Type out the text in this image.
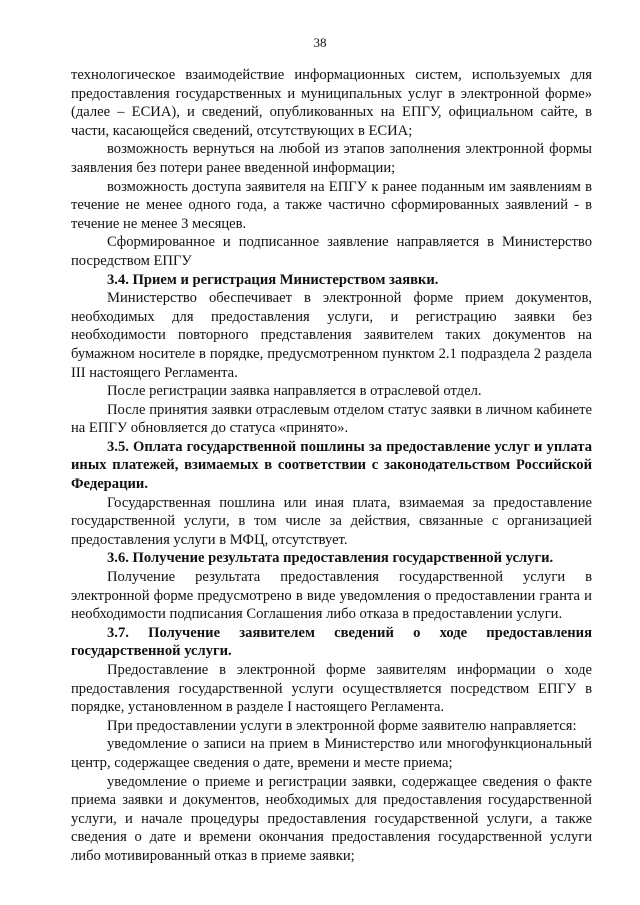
38

технологическое взаимодействие информационных систем, используемых для предоставления государственных и муниципальных услуг в электронной форме» (далее – ЕСИА), и сведений, опубликованных на ЕПГУ, официальном сайте, в части, касающейся сведений, отсутствующих в ЕСИА;

возможность вернуться на любой из этапов заполнения электронной формы заявления без потери ранее введенной информации;

возможность доступа заявителя на ЕПГУ к ранее поданным им заявлениям в течение не менее одного года, а также частично сформированных заявлений - в течение не менее 3 месяцев.

Сформированное и подписанное заявление направляется в Министерство посредством ЕПГУ

3.4. Прием и регистрация Министерством заявки.

Министерство обеспечивает в электронной форме прием документов, необходимых для предоставления услуги, и регистрацию заявки без необходимости повторного представления заявителем таких документов на бумажном носителе в порядке, предусмотренном пунктом 2.1 подраздела 2 раздела III настоящего Регламента.

После регистрации заявка направляется в отраслевой отдел.

После принятия заявки отраслевым отделом статус заявки в личном кабинете на ЕПГУ обновляется до статуса «принято».

3.5. Оплата государственной пошлины за предоставление услуг и уплата иных платежей, взимаемых в соответствии с законодательством Российской Федерации.

Государственная пошлина или иная плата, взимаемая за предоставление государственной услуги, в том числе за действия, связанные с организацией предоставления услуги в МФЦ, отсутствует.

3.6. Получение результата предоставления государственной услуги.

Получение результата предоставления государственной услуги в электронной форме предусмотрено в виде уведомления о предоставлении гранта и необходимости подписания Соглашения либо отказа в предоставлении услуги.

3.7. Получение заявителем сведений о ходе предоставления государственной услуги.

Предоставление в электронной форме заявителям информации о ходе предоставления государственной услуги осуществляется посредством ЕПГУ в порядке, установленном в разделе I настоящего Регламента.

При предоставлении услуги в электронной форме заявителю направляется:

уведомление о записи на прием в Министерство или многофункциональный центр, содержащее сведения о дате, времени и месте приема;

уведомление о приеме и регистрации заявки, содержащее сведения о факте приема заявки и документов, необходимых для предоставления государственной услуги, и начале процедуры предоставления государственной услуги, а также сведения о дате и времени окончания предоставления государственной услуги либо мотивированный отказ в приеме заявки;
